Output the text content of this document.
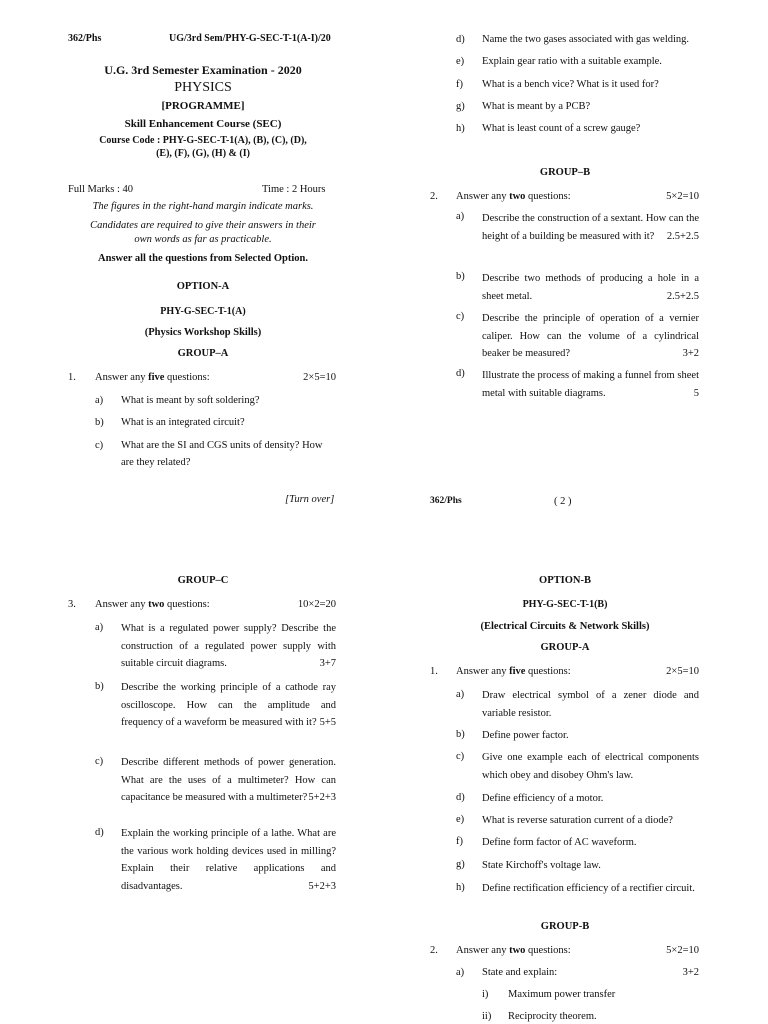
362/Phs	UG/3rd Sem/PHY-G-SEC-T-1(A-I)/20
U.G. 3rd Semester Examination - 2020
PHYSICS
[PROGRAMME]
Skill Enhancement Course (SEC)
Course Code : PHY-G-SEC-T-1(A), (B), (C), (D),
(E), (F), (G), (H) & (I)
Full Marks : 40	Time : 2 Hours
The figures in the right-hand margin indicate marks.
Candidates are required to give their answers in their
own words as far as practicable.
Answer all the questions from Selected Option.
OPTION-A
PHY-G-SEC-T-1(A)
(Physics Workshop Skills)
GROUP–A
1. Answer any five questions:	2×5=10
a)	What is meant by soft soldering?
b)	What is an integrated circuit?
c)	What are the SI and CGS units of density? How
are they related?
[Turn over]
d)	Name the two gases associated with gas welding.
e)	Explain gear ratio with a suitable example.
f)	What is a bench vice? What is it used for?
g)	What is meant by a PCB?
h)	What is least count of a screw gauge?
GROUP–B
2. Answer any two questions:	5×2=10
a)	Describe the construction of a sextant. How can the height of a building be measured with it? 2.5+2.5
b)	Describe two methods of producing a hole in a sheet metal.	2.5+2.5
c)	Describe the principle of operation of a vernier caliper. How can the volume of a cylindrical beaker be measured?	3+2
d)	Illustrate the process of making a funnel from sheet metal with suitable diagrams.	5
362/Phs	( 2 )
GROUP–C
3. Answer any two questions:	10×2=20
a)	What is a regulated power supply? Describe the construction of a regulated power supply with suitable circuit diagrams.	3+7
b)	Describe the working principle of a cathode ray oscilloscope. How can the amplitude and frequency of a waveform be measured with it? 5+5
c)	Describe different methods of power generation. What are the uses of a multimeter? How can capacitance be measured with a multimeter? 5+2+3
d)	Explain the working principle of a lathe. What are the various work holding devices used in milling? Explain their relative applications and disadvantages.	5+2+3
OPTION-B
PHY-G-SEC-T-1(B)
(Electrical Circuits & Network Skills)
GROUP-A
1. Answer any five questions:	2×5=10
a)	Draw electrical symbol of a zener diode and variable resistor.
b)	Define power factor.
c)	Give one example each of electrical components which obey and disobey Ohm's law.
d)	Define efficiency of a motor.
e)	What is reverse saturation current of a diode?
f)	Define form factor of AC waveform.
g)	State Kirchoff's voltage law.
h)	Define rectification efficiency of a rectifier circuit.
GROUP-B
2. Answer any two questions:	5×2=10
a)	State and explain:	3+2
i)	Maximum power transfer
ii)	Reciprocity theorem.
